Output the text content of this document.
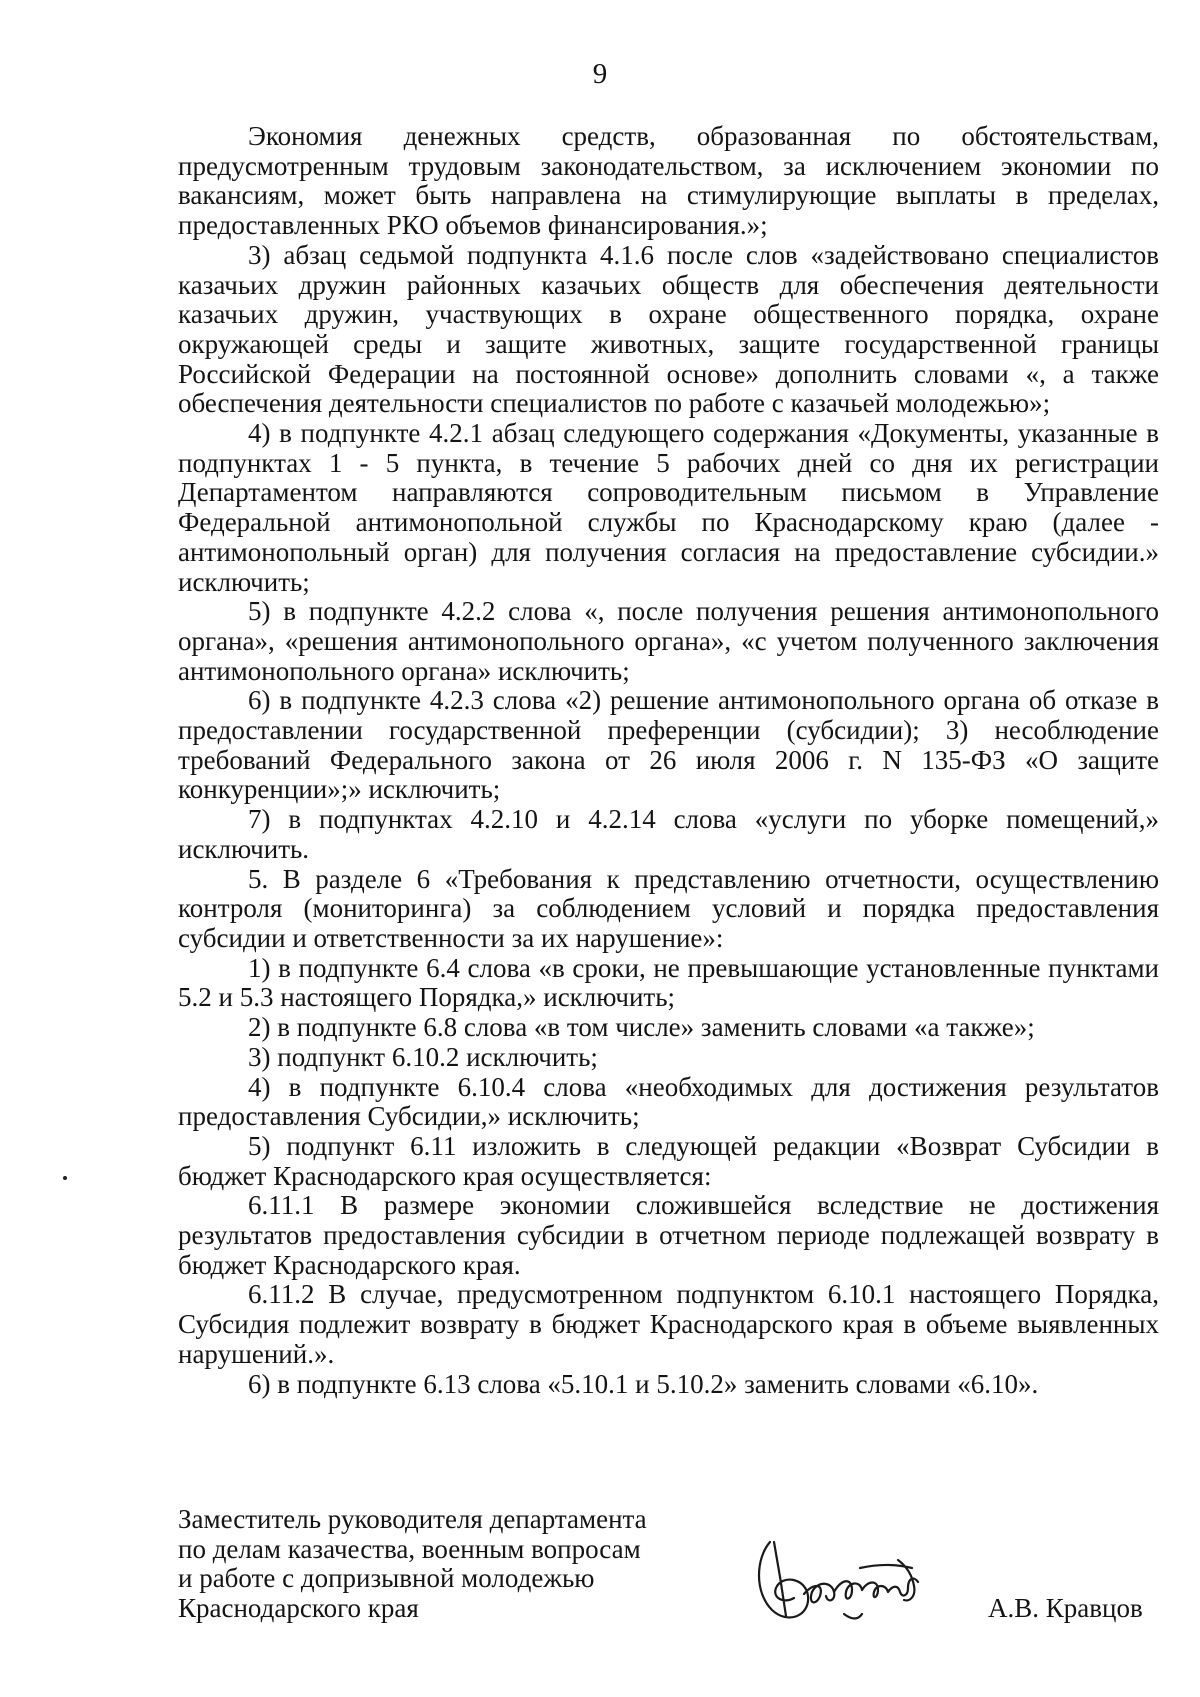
9

Экономия денежных средств, образованная по обстоятельствам, предусмотренным трудовым законодательством, за исключением экономии по вакансиям, может быть направлена на стимулирующие выплаты в пределах, предоставленных РКО объемов финансирования.»;

3) абзац седьмой подпункта 4.1.6 после слов «задействовано специалистов казачьих дружин районных казачьих обществ для обеспечения деятельности казачьих дружин, участвующих в охране общественного порядка, охране окружающей среды и защите животных, защите государственной границы Российской Федерации на постоянной основе» дополнить словами «, а также обеспечения деятельности специалистов по работе с казачьей молодежью»;

4) в подпункте 4.2.1 абзац следующего содержания «Документы, указанные в подпунктах 1 - 5 пункта, в течение 5 рабочих дней со дня их регистрации Департаментом направляются сопроводительным письмом в Управление Федеральной антимонопольной службы по Краснодарскому краю (далее - антимонопольный орган) для получения согласия на предоставление субсидии.» исключить;

5) в подпункте 4.2.2 слова «, после получения решения антимонопольного органа», «решения антимонопольного органа», «с учетом полученного заключения антимонопольного органа» исключить;

6) в подпункте 4.2.3 слова «2) решение антимонопольного органа об отказе в предоставлении государственной преференции (субсидии); 3) несоблюдение требований Федерального закона от 26 июля 2006 г. N 135-ФЗ «О защите конкуренции»;» исключить;

7) в подпунктах 4.2.10 и 4.2.14 слова «услуги по уборке помещений,» исключить.

5. В разделе 6 «Требования к представлению отчетности, осуществлению контроля (мониторинга) за соблюдением условий и порядка предоставления субсидии и ответственности за их нарушение»:

1) в подпункте 6.4 слова «в сроки, не превышающие установленные пунктами 5.2 и 5.3 настоящего Порядка,» исключить;

2) в подпункте 6.8 слова «в том числе» заменить словами «а также»;

3) подпункт 6.10.2 исключить;

4) в подпункте 6.10.4 слова «необходимых для достижения результатов предоставления Субсидии,» исключить;

5) подпункт 6.11 изложить в следующей редакции «Возврат Субсидии в бюджет Краснодарского края осуществляется:

6.11.1 В размере экономии сложившейся вследствие не достижения результатов предоставления субсидии в отчетном периоде подлежащей возврату в бюджет Краснодарского края.

6.11.2 В случае, предусмотренном подпунктом 6.10.1 настоящего Порядка, Субсидия подлежит возврату в бюджет Краснодарского края в объеме выявленных нарушений.».

6) в подпункте 6.13 слова «5.10.1 и 5.10.2» заменить словами «6.10».

Заместитель руководителя департамента
по делам казачества, военным вопросам
и работе с допризывной молодежью
Краснодарского края	А.В. Кравцов
